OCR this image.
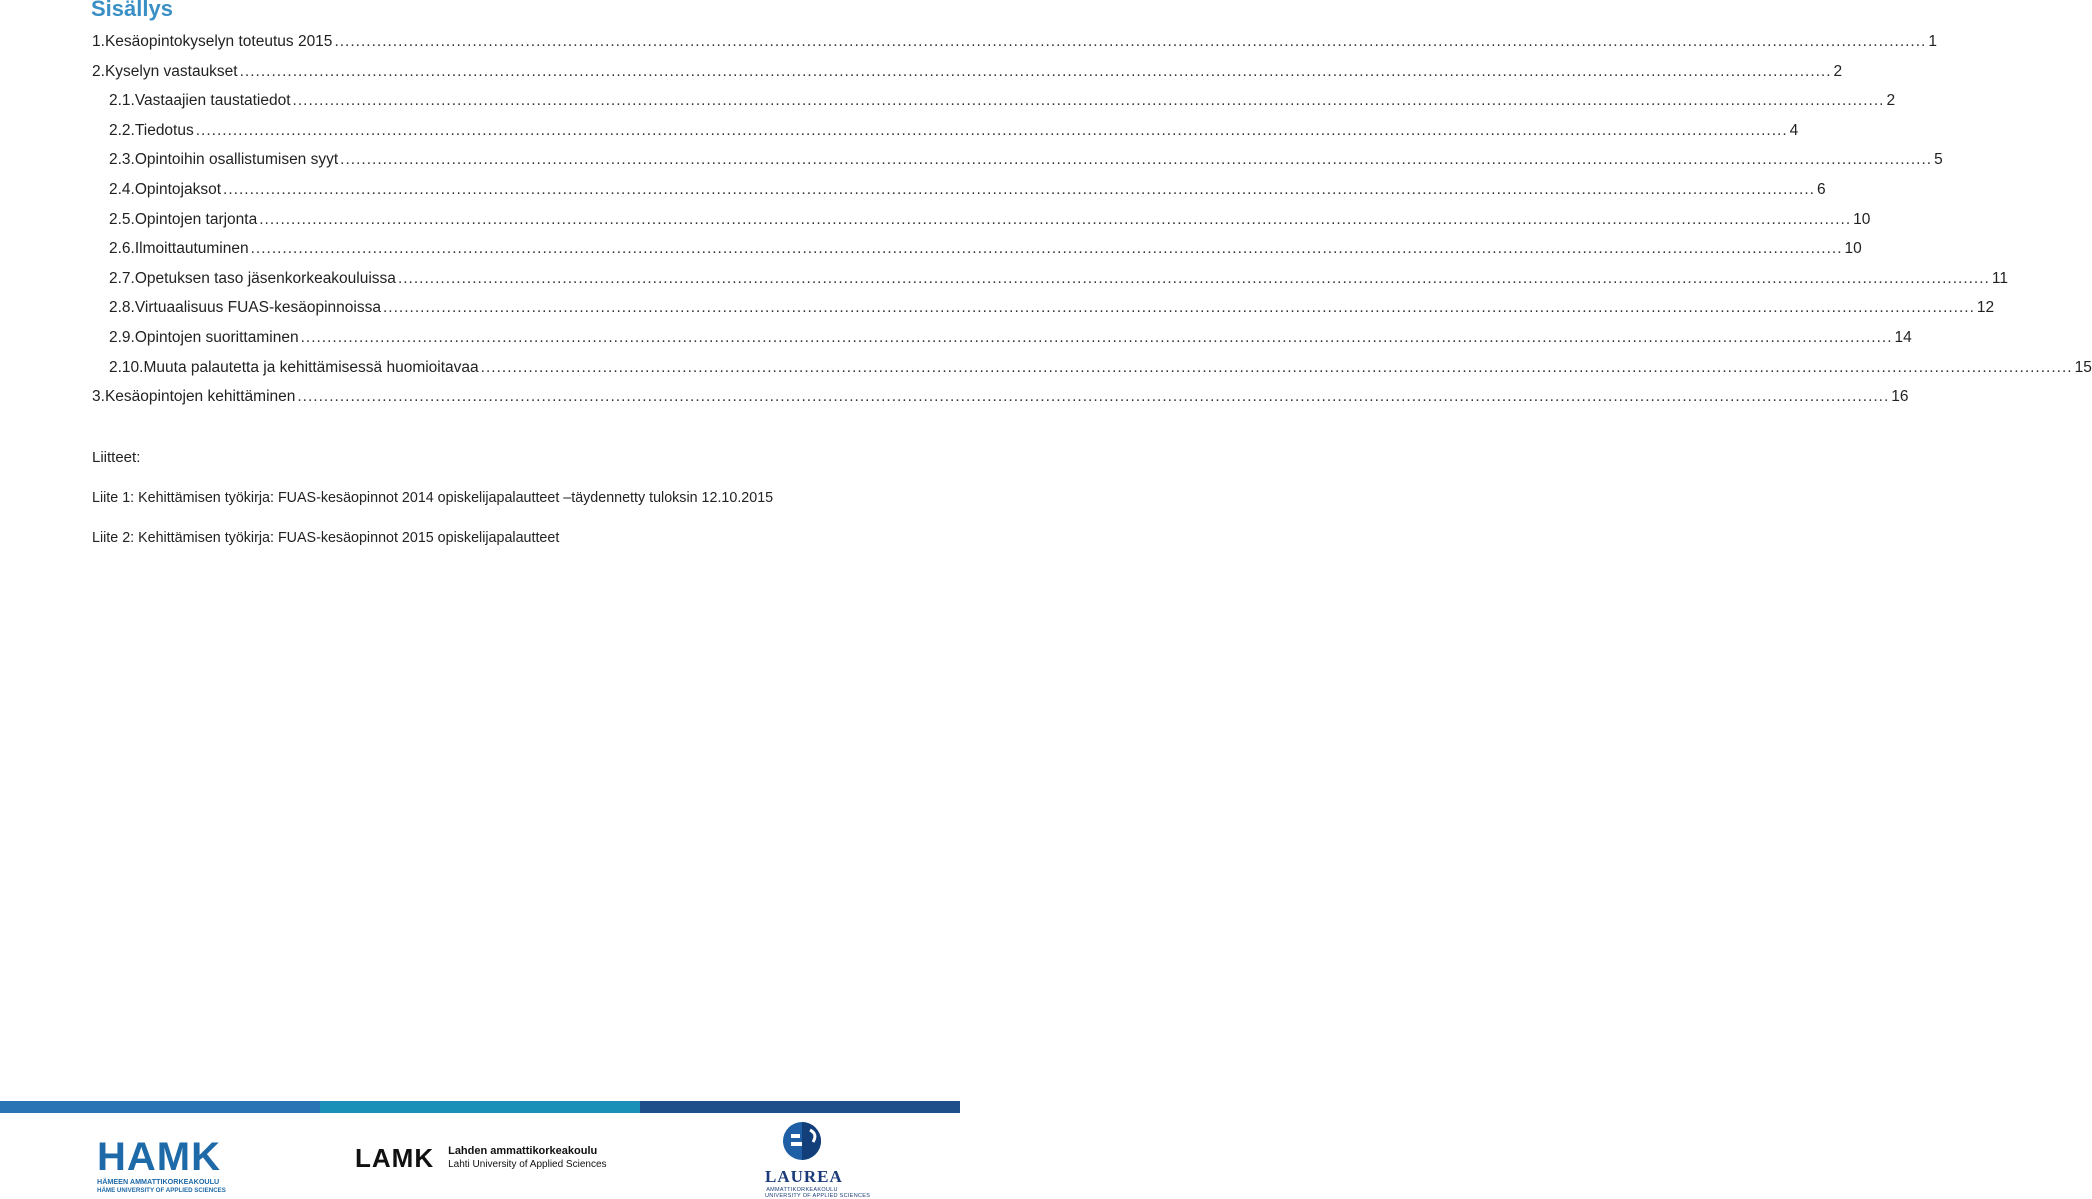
Sisällys
1. Kesäopintokyselyn toteutus 2015 ............................................................................................................................................................................................................................................................................................................ 1
2. Kyselyn vastaukset ............................................................................................................................................................................................................................................................................................................ 2
2.1. Vastaajien taustatiedot ............................................................................................................................................................................................................................................................................................................ 2
2.2. Tiedotus ............................................................................................................................................................................................................................................................................................................ 4
2.3. Opintoihin osallistumisen syyt ............................................................................................................................................................................................................................................................................................................ 5
2.4. Opintojaksot ............................................................................................................................................................................................................................................................................................................ 6
2.5. Opintojen tarjonta ............................................................................................................................................................................................................................................................................................................ 10
2.6. Ilmoittautuminen ............................................................................................................................................................................................................................................................................................................ 10
2.7. Opetuksen taso jäsenkorkeakouluissa ............................................................................................................................................................................................................................................................................................................ 11
2.8. Virtuaalisuus FUAS-kesäopinnoissa ............................................................................................................................................................................................................................................................................................................ 12
2.9. Opintojen suorittaminen ............................................................................................................................................................................................................................................................................................................ 14
2.10. Muuta palautetta ja kehittämisessä huomioitavaa ............................................................................................................................................................................................................................................................................................................ 15
3. Kesäopintojen kehittäminen ............................................................................................................................................................................................................................................................................................................ 16
Liitteet:
Liite 1: Kehittämisen työkirja: FUAS-kesäopinnot 2014 opiskelijapalautteet –täydennetty tuloksin 12.10.2015
Liite 2: Kehittämisen työkirja: FUAS-kesäopinnot 2015 opiskelijapalautteet
HAMK
HÄMEEN AMMATTIKORKEAKOULU
HÄME UNIVERSITY OF APPLIED SCIENCES
LAMK Lahden ammattikorkeakoulu
Lahti University of Applied Sciences
LAUREA
AMMATTIKORKEAKOULU
UNIVERSITY OF APPLIED SCIENCES
